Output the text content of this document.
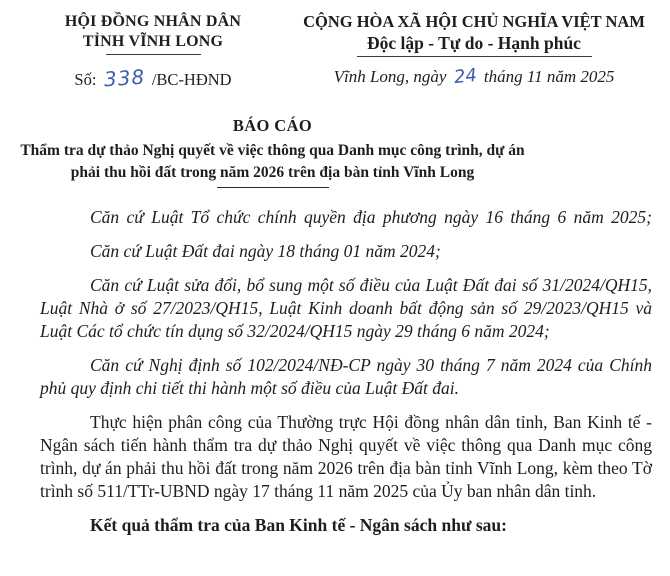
HỘI ĐỒNG NHÂN DÂN
TỈNH VĨNH LONG
Số: 338 /BC-HĐND
CỘNG HÒA XÃ HỘI CHỦ NGHĨA VIỆT NAM
Độc lập - Tự do - Hạnh phúc
Vĩnh Long, ngày 24 tháng 11 năm 2025
BÁO CÁO
Thẩm tra dự thảo Nghị quyết về việc thông qua Danh mục công trình, dự án
phải thu hồi đất trong năm 2026 trên địa bàn tỉnh Vĩnh Long

Căn cứ Luật Tổ chức chính quyền địa phương ngày 16 tháng 6 năm 2025;

Căn cứ Luật Đất đai ngày 18 tháng 01 năm 2024;

Căn cứ Luật sửa đổi, bổ sung một số điều của Luật Đất đai số 31/2024/QH15, Luật Nhà ở số 27/2023/QH15, Luật Kinh doanh bất động sản số 29/2023/QH15 và Luật Các tổ chức tín dụng số 32/2024/QH15 ngày 29 tháng 6 năm 2024;

Căn cứ Nghị định số 102/2024/NĐ-CP ngày 30 tháng 7 năm 2024 của Chính phủ quy định chi tiết thi hành một số điều của Luật Đất đai.

Thực hiện phân công của Thường trực Hội đồng nhân dân tỉnh, Ban Kinh tế - Ngân sách tiến hành thẩm tra dự thảo Nghị quyết về việc thông qua Danh mục công trình, dự án phải thu hồi đất trong năm 2026 trên địa bàn tỉnh Vĩnh Long, kèm theo Tờ trình số 511/TTr-UBND ngày 17 tháng 11 năm 2025 của Ủy ban nhân dân tỉnh.

Kết quả thẩm tra của Ban Kinh tế - Ngân sách như sau:
